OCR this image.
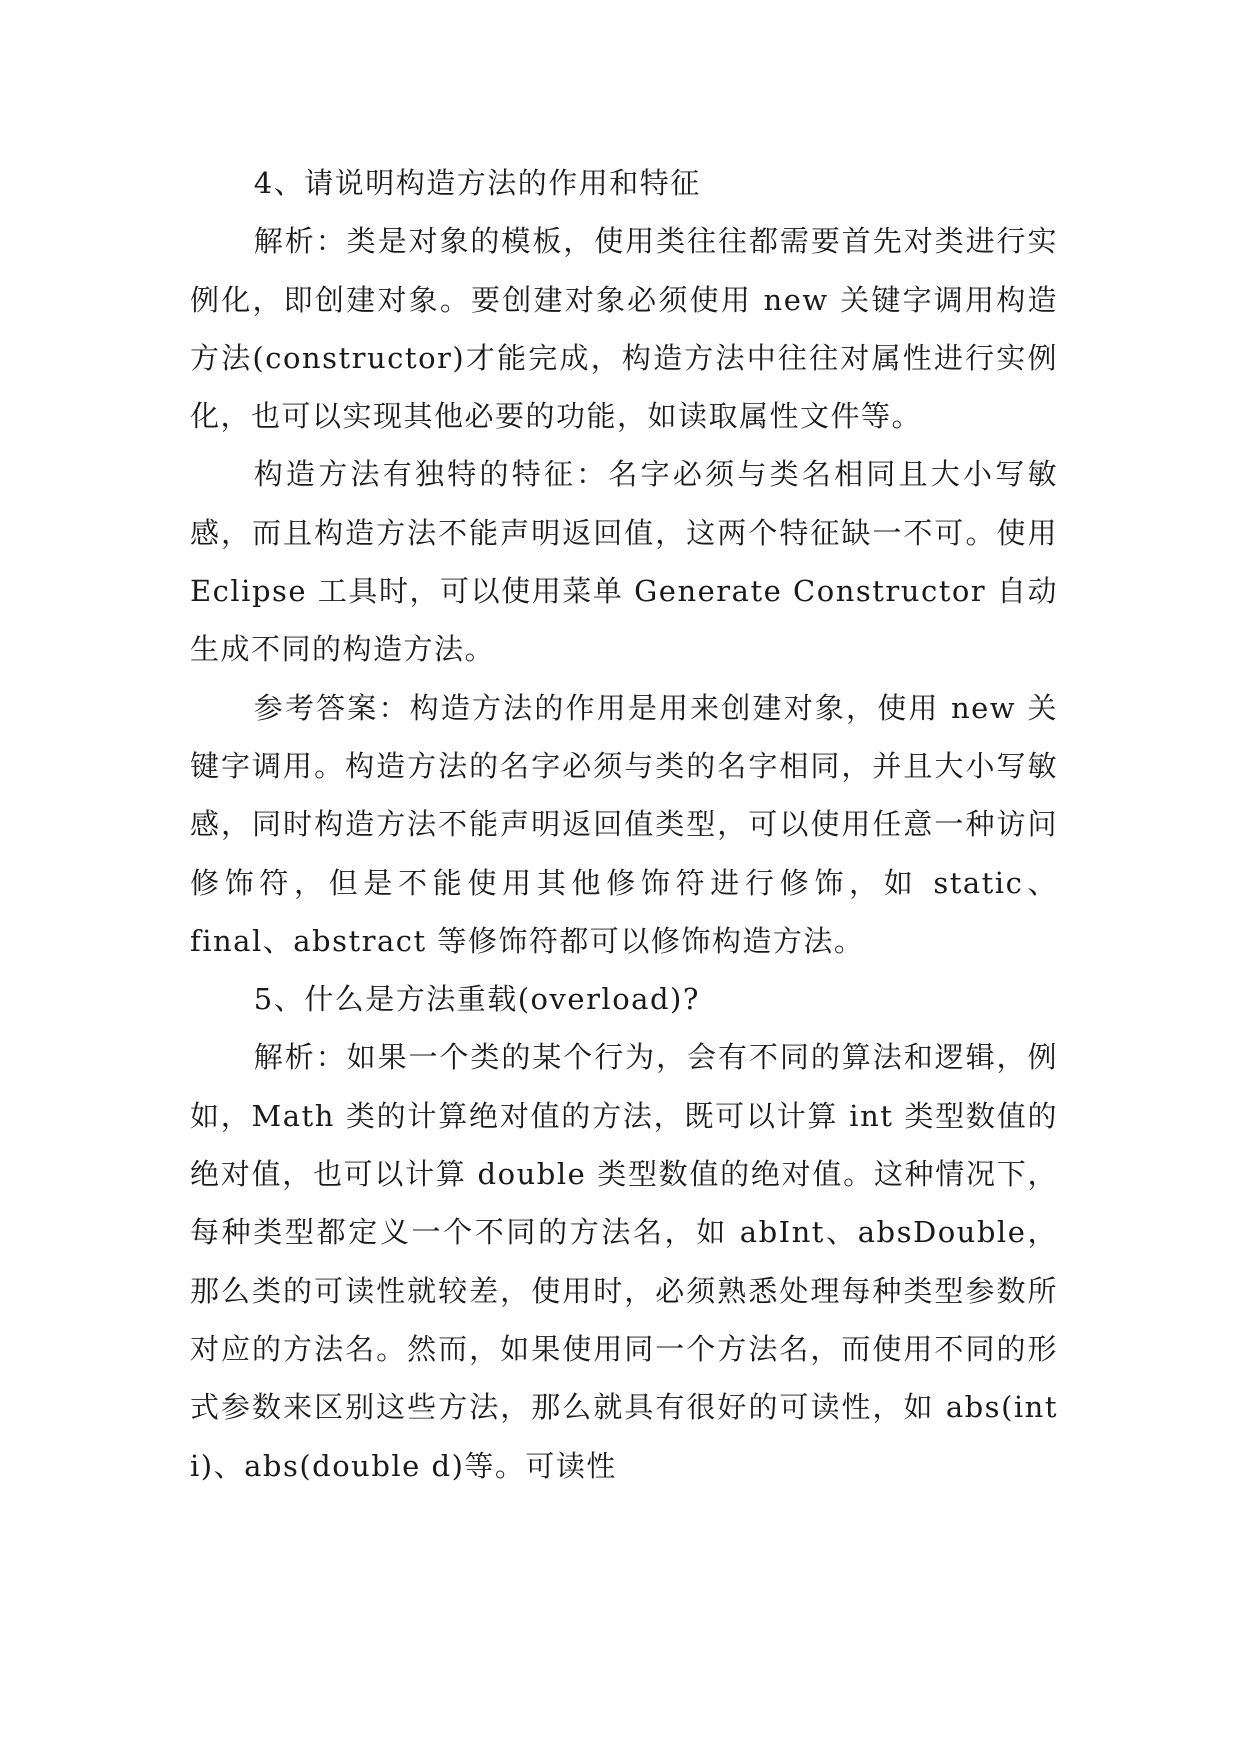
4、请说明构造方法的作用和特征

解析：类是对象的模板，使用类往往都需要首先对类进行实例化，即创建对象。要创建对象必须使用 new 关键字调用构造方法(constructor)才能完成，构造方法中往往对属性进行实例化，也可以实现其他必要的功能，如读取属性文件等。

构造方法有独特的特征：名字必须与类名相同且大小写敏感，而且构造方法不能声明返回值，这两个特征缺一不可。使用 Eclipse 工具时，可以使用菜单 Generate Constructor 自动生成不同的构造方法。

参考答案：构造方法的作用是用来创建对象，使用 new 关键字调用。构造方法的名字必须与类的名字相同，并且大小写敏感，同时构造方法不能声明返回值类型，可以使用任意一种访问修饰符，但是不能使用其他修饰符进行修饰，如 static、final、abstract 等修饰符都可以修饰构造方法。

5、什么是方法重载(overload)?

解析：如果一个类的某个行为，会有不同的算法和逻辑，例如，Math 类的计算绝对值的方法，既可以计算 int 类型数值的绝对值，也可以计算 double 类型数值的绝对值。这种情况下，每种类型都定义一个不同的方法名，如 abInt、absDouble，那么类的可读性就较差，使用时，必须熟悉处理每种类型参数所对应的方法名。然而，如果使用同一个方法名，而使用不同的形式参数来区别这些方法，那么就具有很好的可读性，如 abs(int i)、abs(double d)等。可读性
